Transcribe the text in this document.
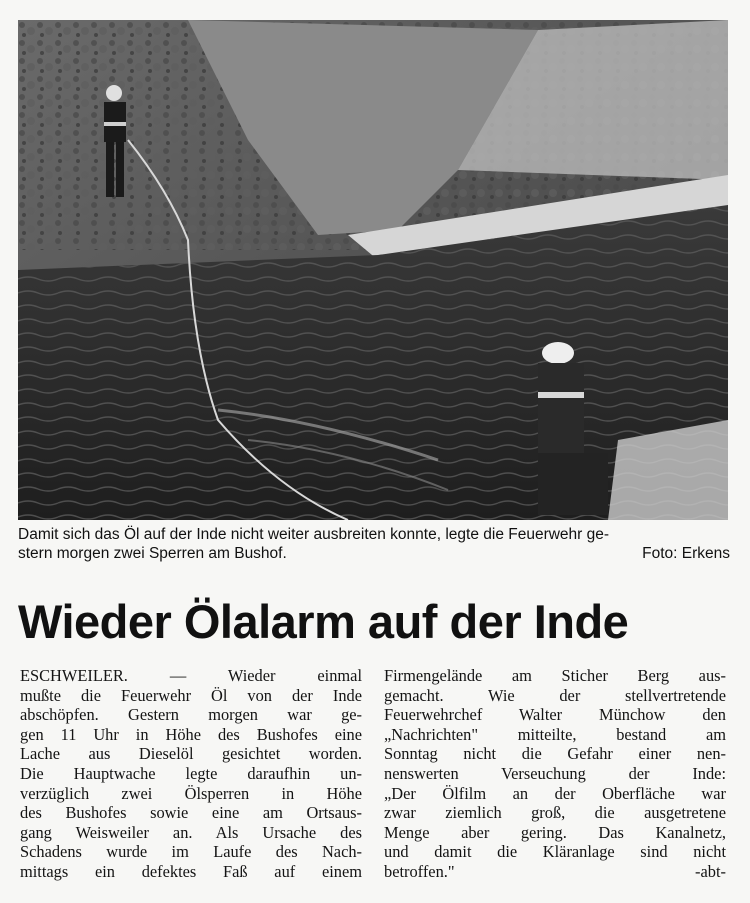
Damit sich das Öl auf der Inde nicht weiter ausbreiten konnte, legte die Feuerwehr ge-
stern morgen zwei Sperren am Bushof.	Foto: Erkens
Wieder Ölalarm auf der Inde
ESCHWEILER. — Wieder einmal
mußte die Feuerwehr Öl von der Inde
abschöpfen. Gestern morgen war ge-
gen 11 Uhr in Höhe des Bushofes eine
Lache aus Dieselöl gesichtet worden.
Die Hauptwache legte daraufhin un-
verzüglich zwei Ölsperren in Höhe
des Bushofes sowie eine am Ortsaus-
gang Weisweiler an. Als Ursache des
Schadens wurde im Laufe des Nach-
mittags ein defektes Faß auf einem
Firmengelände am Sticher Berg aus-
gemacht. Wie der stellvertretende
Feuerwehrchef Walter Münchow den
„Nachrichten" mitteilte, bestand am
Sonntag nicht die Gefahr einer nen-
nenswerten Verseuchung der Inde:
„Der Ölfilm an der Oberfläche war
zwar ziemlich groß, die ausgetretene
Menge aber gering. Das Kanalnetz,
und damit die Kläranlage sind nicht
betroffen."	-abt-
